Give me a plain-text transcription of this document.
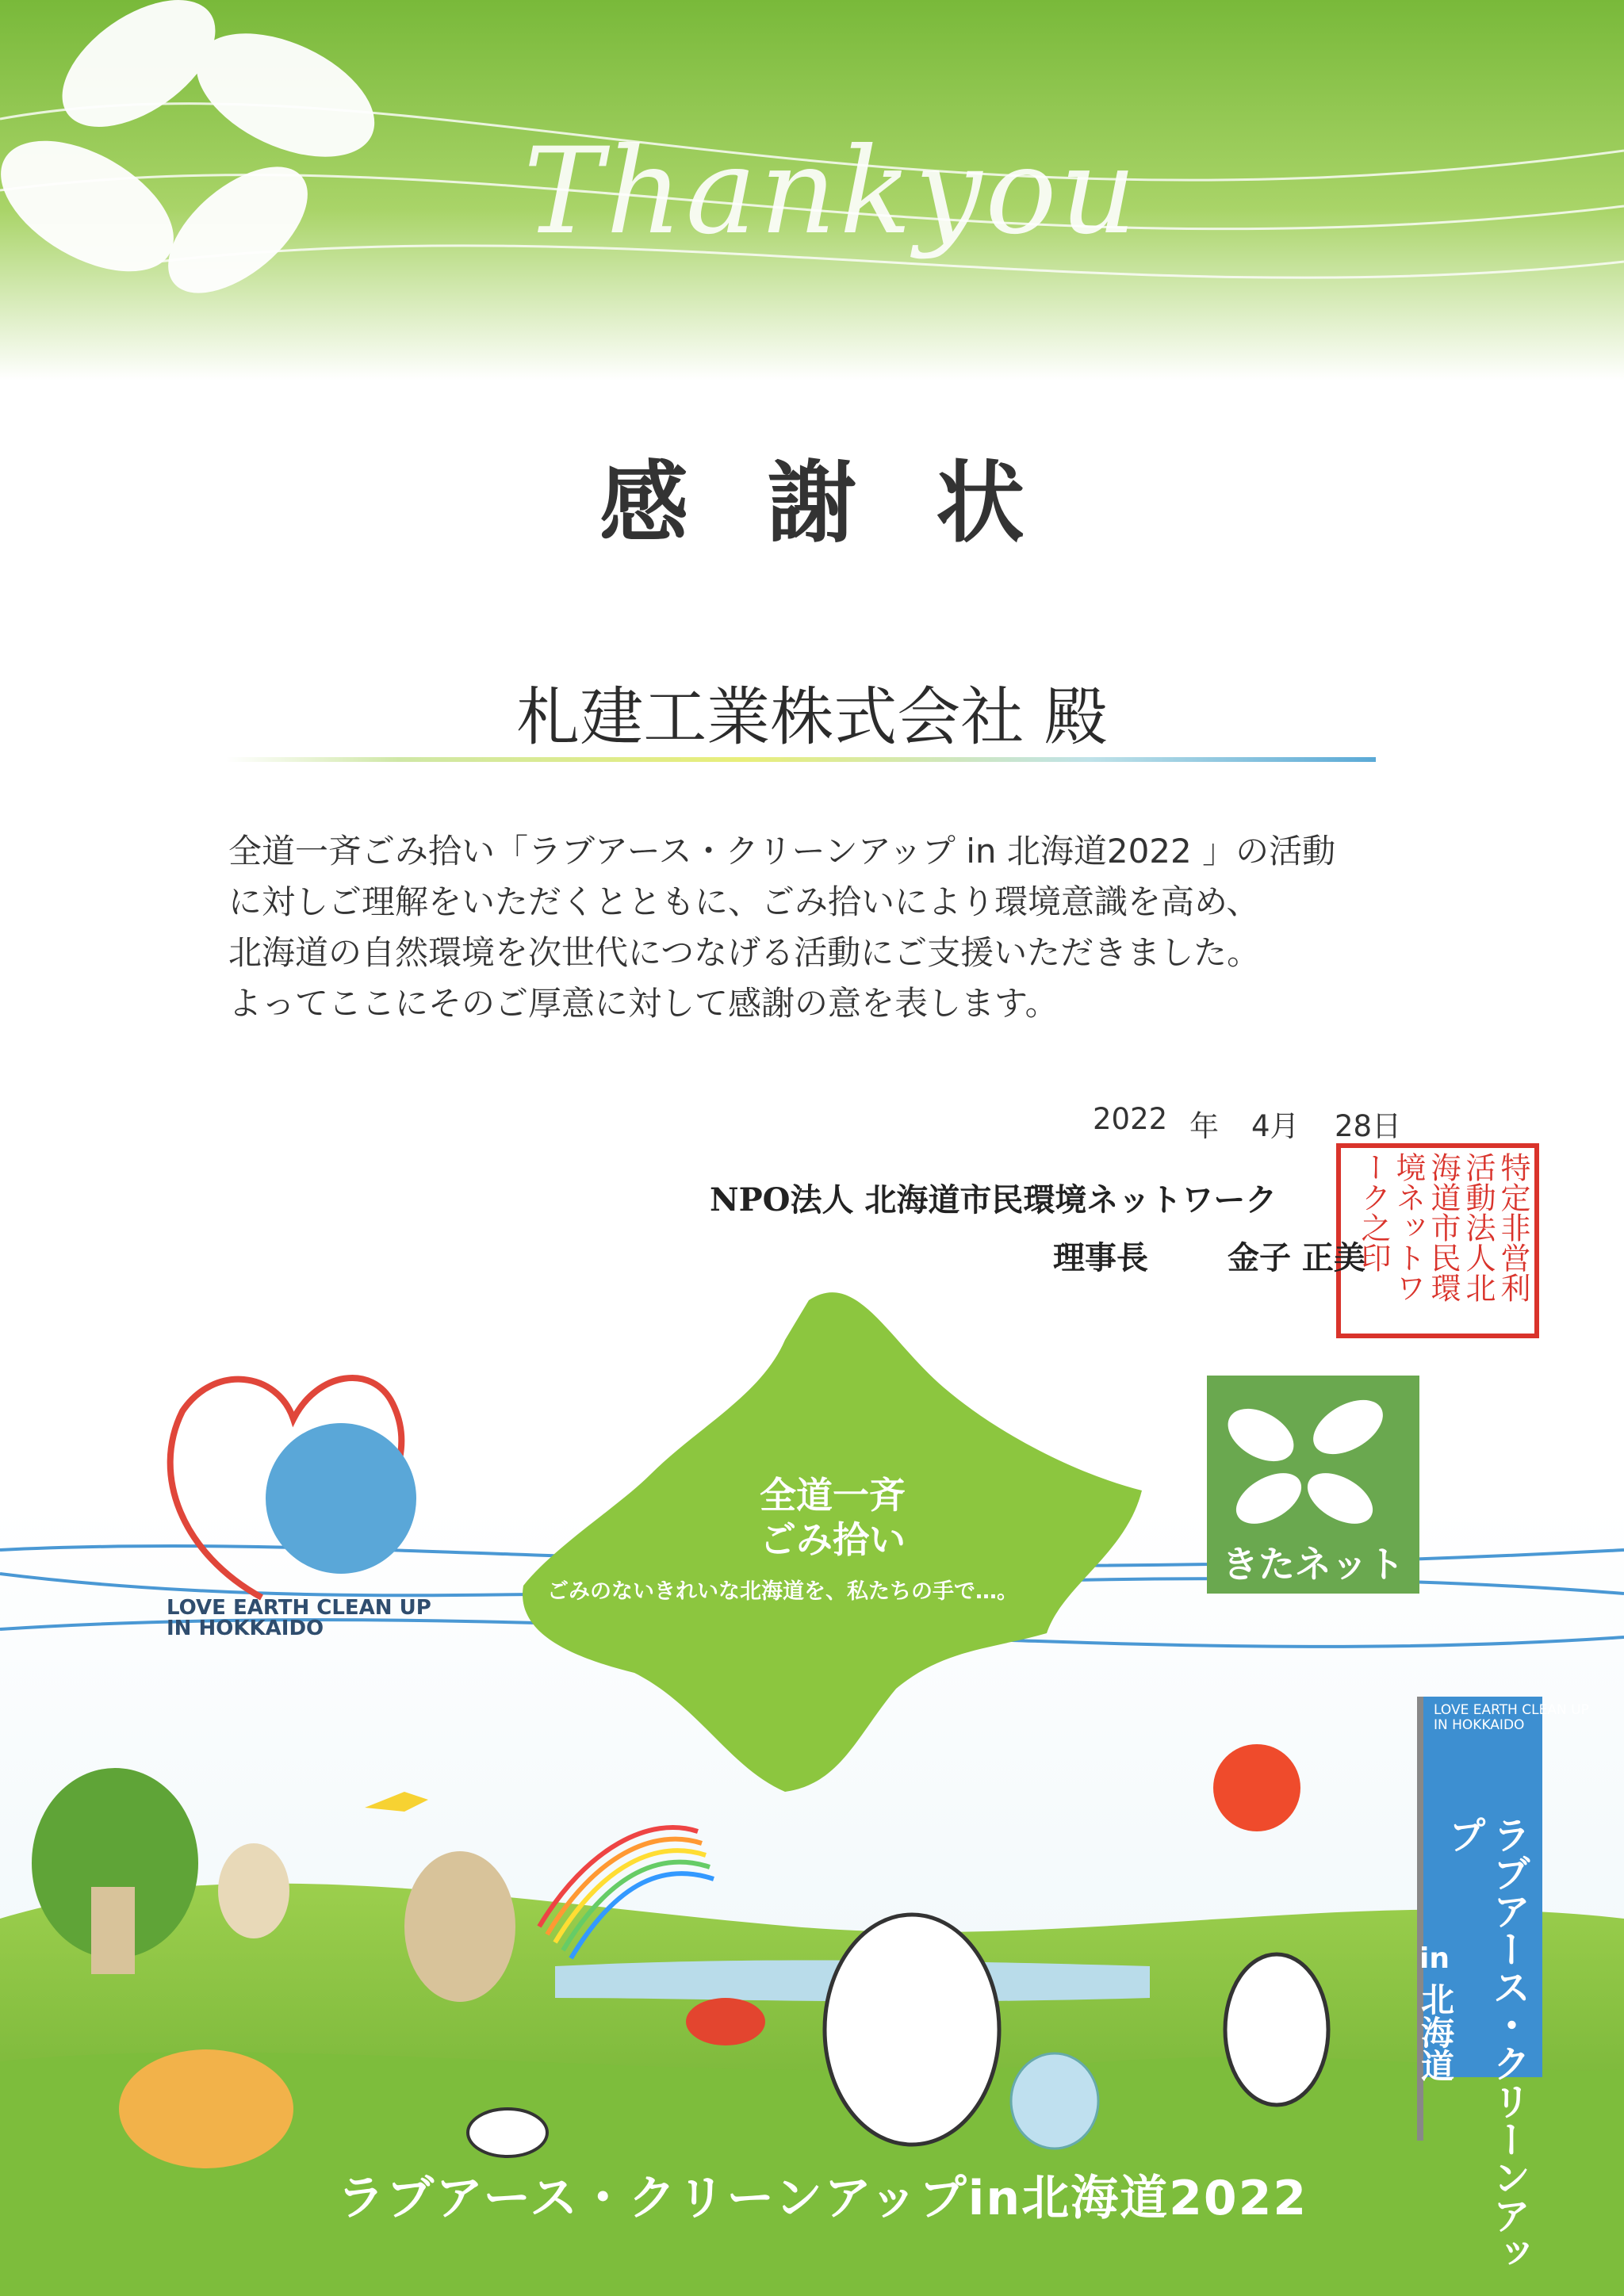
Thankyou
感謝状
札建工業株式会社 殿
全道一斉ごみ拾い「ラブアース・クリーンアップ in 北海道2022 」の活動
に対しご理解をいただくとともに、ごみ拾いにより環境意識を高め、
北海道の自然環境を次世代につなげる活動にご支援いただきました。
よってここにそのご厚意に対して感謝の意を表します。
2022 年 4月 28日
NPO法人 北海道市民環境ネットワーク
理事長	金子 正美	特定非営利活動法人北海道市民環境ネットワーク之印
LOVE EARTH CLEAN UP
IN HOKKAIDO
全道一斉
ごみ拾い
ごみのないきれいな北海道を、私たちの手で…。
きたネット
LOVE EARTH CLEAN UP
IN HOKKAIDO
ラブアース・クリーンアップ
in
北海道
ラブアース・クリーンアップin北海道2022
